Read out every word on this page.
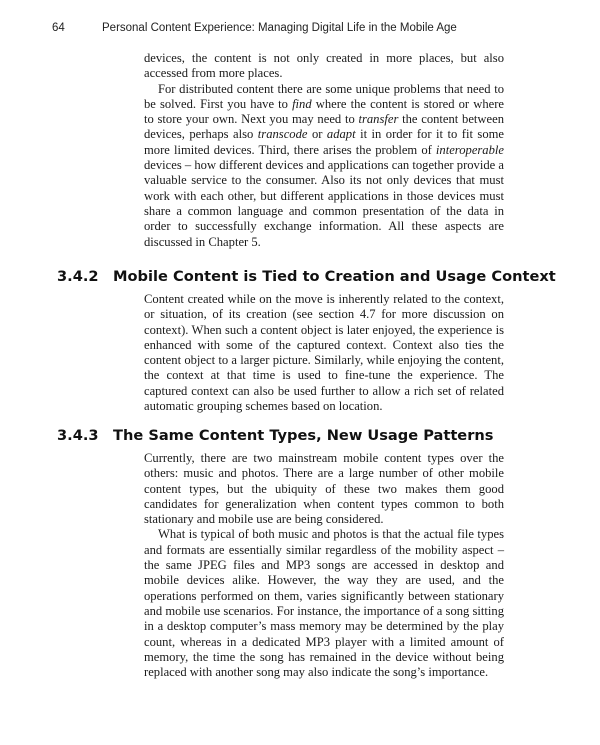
64	Personal Content Experience: Managing Digital Life in the Mobile Age

devices, the content is not only created in more places, but also accessed from more places.

For distributed content there are some unique problems that need to be solved. First you have to find where the content is stored or where to store your own. Next you may need to transfer the content between devices, perhaps also transcode or adapt it in order for it to fit some more limited devices. Third, there arises the problem of interoperable devices – how different devices and applications can together provide a valuable service to the consumer. Also its not only devices that must work with each other, but different applications in those devices must share a common language and common presentation of the data in order to successfully exchange information. All these aspects are discussed in Chapter 5.

3.4.2 Mobile Content is Tied to Creation and Usage Context

Content created while on the move is inherently related to the context, or situation, of its creation (see section 4.7 for more discussion on context). When such a content object is later enjoyed, the experience is enhanced with some of the captured context. Context also ties the content object to a larger picture. Similarly, while enjoying the content, the context at that time is used to fine-tune the experience. The captured context can also be used further to allow a rich set of related automatic grouping schemes based on location.

3.4.3 The Same Content Types, New Usage Patterns

Currently, there are two mainstream mobile content types over the others: music and photos. There are a large number of other mobile content types, but the ubiquity of these two makes them good candidates for generalization when content types common to both stationary and mobile use are being considered.

What is typical of both music and photos is that the actual file types and formats are essentially similar regardless of the mobility aspect – the same JPEG files and MP3 songs are accessed in desktop and mobile devices alike. However, the way they are used, and the operations performed on them, varies significantly between stationary and mobile use scenarios. For instance, the importance of a song sitting in a desktop computer’s mass memory may be determined by the play count, whereas in a dedicated MP3 player with a limited amount of memory, the time the song has remained in the device without being replaced with another song may also indicate the song’s importance.
